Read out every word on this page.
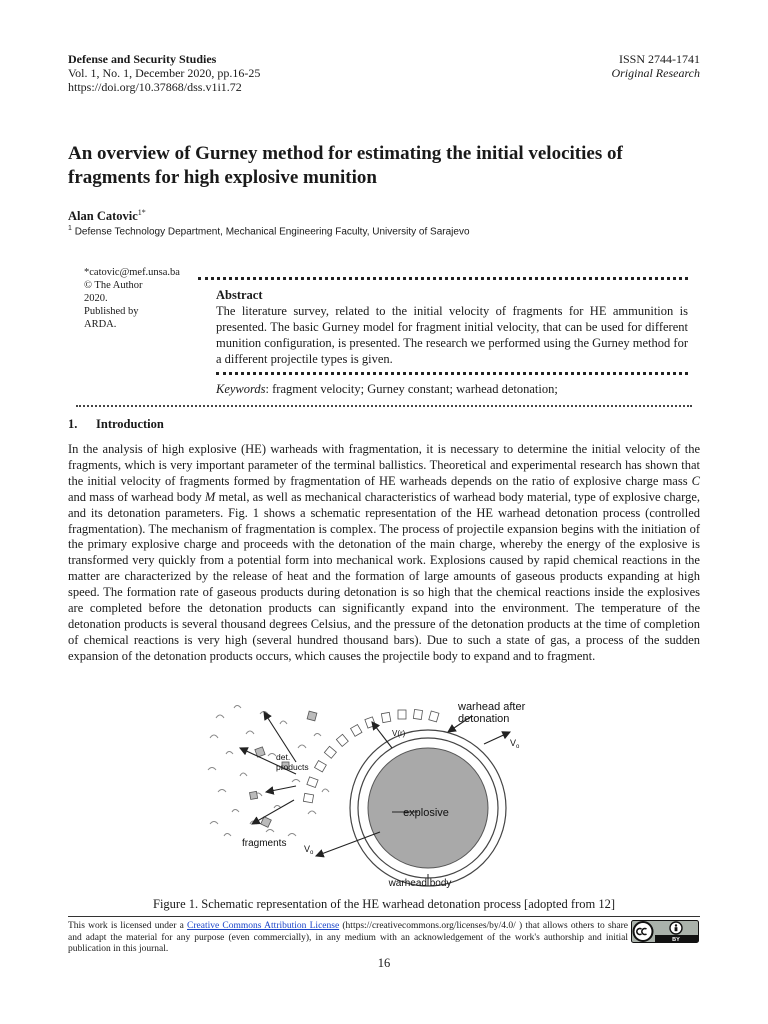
Defense and Security Studies
Vol. 1, No. 1, December 2020, pp.16-25
https://doi.org/10.37868/dss.v1i1.72
ISSN 2744-1741
Original Research
An overview of Gurney method for estimating the initial velocities of fragments for high explosive munition
Alan Catovic$^{1*}$
$^1$ Defense Technology Department, Mechanical Engineering Faculty, University of Sarajevo
*catovic@mef.unsa.ba
© The Author
2020.
Published by
ARDA.
Abstract
The literature survey, related to the initial velocity of fragments for HE ammunition is presented. The basic Gurney model for fragment initial velocity, that can be used for different munition configuration, is presented. The research we performed using the Gurney method for a different projectile types is given.
Keywords: fragment velocity; Gurney constant; warhead detonation;
1. Introduction
In the analysis of high explosive (HE) warheads with fragmentation, it is necessary to determine the initial velocity of the fragments, which is very important parameter of the terminal ballistics. Theoretical and experimental research has shown that the initial velocity of fragments formed by fragmentation of HE warheads depends on the ratio of explosive charge mass C and mass of warhead body M metal, as well as mechanical characteristics of warhead body material, type of explosive charge, and its detonation parameters. Fig. 1 shows a schematic representation of the HE warhead detonation process (controlled fragmentation). The mechanism of fragmentation is complex. The process of projectile expansion begins with the initiation of the primary explosive charge and proceeds with the detonation of the main charge, whereby the energy of the explosive is transformed very quickly from a potential form into mechanical work. Explosions caused by rapid chemical reactions in the matter are characterized by the release of heat and the formation of large amounts of gaseous products expanding at high speed. The formation rate of gaseous products during detonation is so high that the chemical reactions inside the explosives are completed before the detonation products can significantly expand into the environment. The temperature of the detonation products is several thousand degrees Celsius, and the pressure of the detonation products at the time of completion of chemical reactions is very high (several hundred thousand bars). Due to such a state of gas, a process of the sudden expansion of the detonation products occurs, which causes the projectile body to expand and to fragment.
warhead after
detonation
V(r)
$V_o$
det.
products
explosive
fragments $V_o$
warhead body
Figure 1. Schematic representation of the HE warhead detonation process [adopted from 12]
This work is licensed under a Creative Commons Attribution License (https://creativecommons.org/licenses/by/4.0/ ) that allows others to share and adapt the material for any purpose (even commercially), in any medium with an acknowledgement of the work's authorship and initial publication in this journal.
BY
16
